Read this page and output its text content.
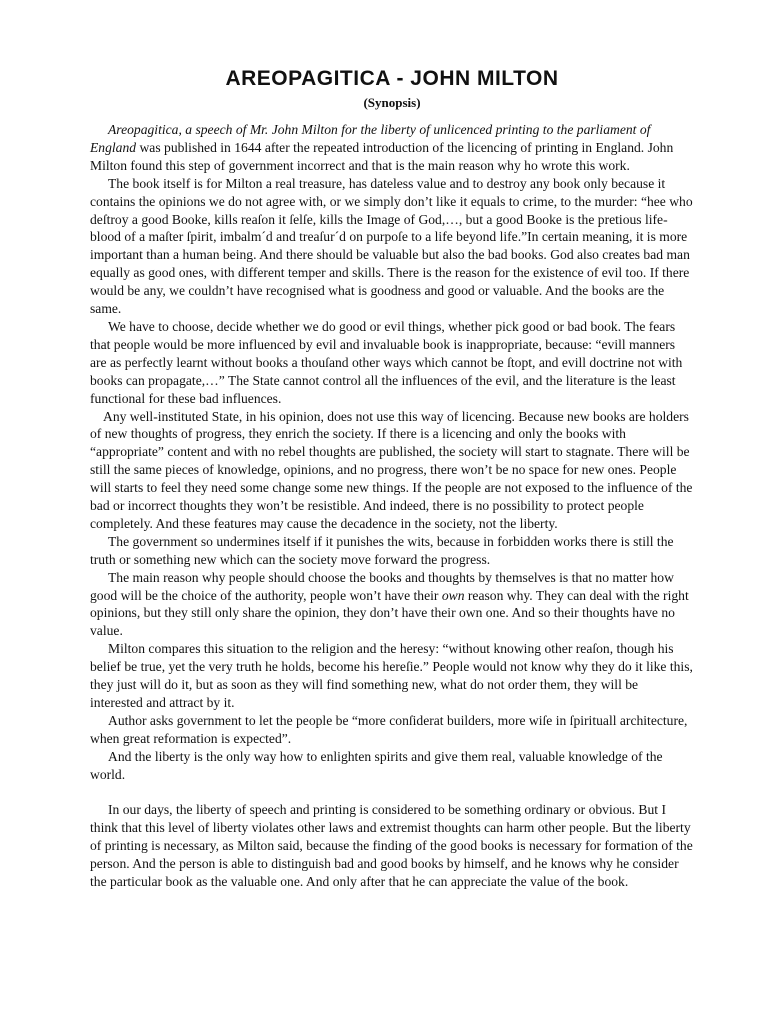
AREOPAGITICA - JOHN MILTON
(Synopsis)

Areopagitica, a speech of Mr. John Milton for the liberty of unlicenced printing to the parliament of England was published in 1644 after the repeated introduction of the licencing of printing in England. John Milton found this step of government incorrect and that is the main reason why ho wrote this work.

The book itself is for Milton a real treasure, has dateless value and to destroy any book only because it contains the opinions we do not agree with, or we simply don’t like it equals to crime, to the murder: “hee who deſtroy a good Booke, kills reaſon it ſelſe, kills the Image of God,…, but a good Booke is the pretious life-blood of a maſter ſpirit, imbalm´d and treaſur´d on purpoſe to a life beyond life.”In certain meaning, it is more important than a human being. And there should be valuable but also the bad books. God also creates bad man equally as good ones, with different temper and skills. There is the reason for the existence of evil too. If there would be any, we couldn’t have recognised what is goodness and good or valuable. And the books are the same.

We have to choose, decide whether we do good or evil things, whether pick good or bad book. The fears that people would be more influenced by evil and invaluable book is inappropriate, because: “evill manners are as perfectly learnt without books a thouſand other ways which cannot be ſtopt, and evill doctrine not with books can propagate,…” The State cannot control all the influences of the evil, and the literature is the least functional for these bad influences.

Any well-instituted State, in his opinion, does not use this way of licencing. Because new books are holders of new thoughts of progress, they enrich the society. If there is a licencing and only the books with “appropriate” content and with no rebel thoughts are published, the society will start to stagnate. There will be still the same pieces of knowledge, opinions, and no progress, there won’t be no space for new ones. People will starts to feel they need some change some new things. If the people are not exposed to the influence of the bad or incorrect thoughts they won’t be resistible. And indeed, there is no possibility to protect people completely. And these features may cause the decadence in the society, not the liberty.

The government so undermines itself if it punishes the wits, because in forbidden works there is still the truth or something new which can the society move forward the progress.

The main reason why people should choose the books and thoughts by themselves is that no matter how good will be the choice of the authority, people won’t have their own reason why. They can deal with the right opinions, but they still only share the opinion, they don’t have their own one. And so their thoughts have no value.

Milton compares this situation to the religion and the heresy: “without knowing other reaſon, though his belief be true, yet the very truth he holds, become his hereſie.” People would not know why they do it like this, they just will do it, but as soon as they will find something new, what do not order them, they will be interested and attract by it.

Author asks government to let the people be “more conſiderat builders, more wiſe in ſpirituall architecture, when great reformation is expected”.

And the liberty is the only way how to enlighten spirits and give them real, valuable knowledge of the world.

In our days, the liberty of speech and printing is considered to be something ordinary or obvious. But I think that this level of liberty violates other laws and extremist thoughts can harm other people. But the liberty of printing is necessary, as Milton said, because the finding of the good books is necessary for formation of the person. And the person is able to distinguish bad and good books by himself, and he knows why he consider the particular book as the valuable one. And only after that he can appreciate the value of the book.
